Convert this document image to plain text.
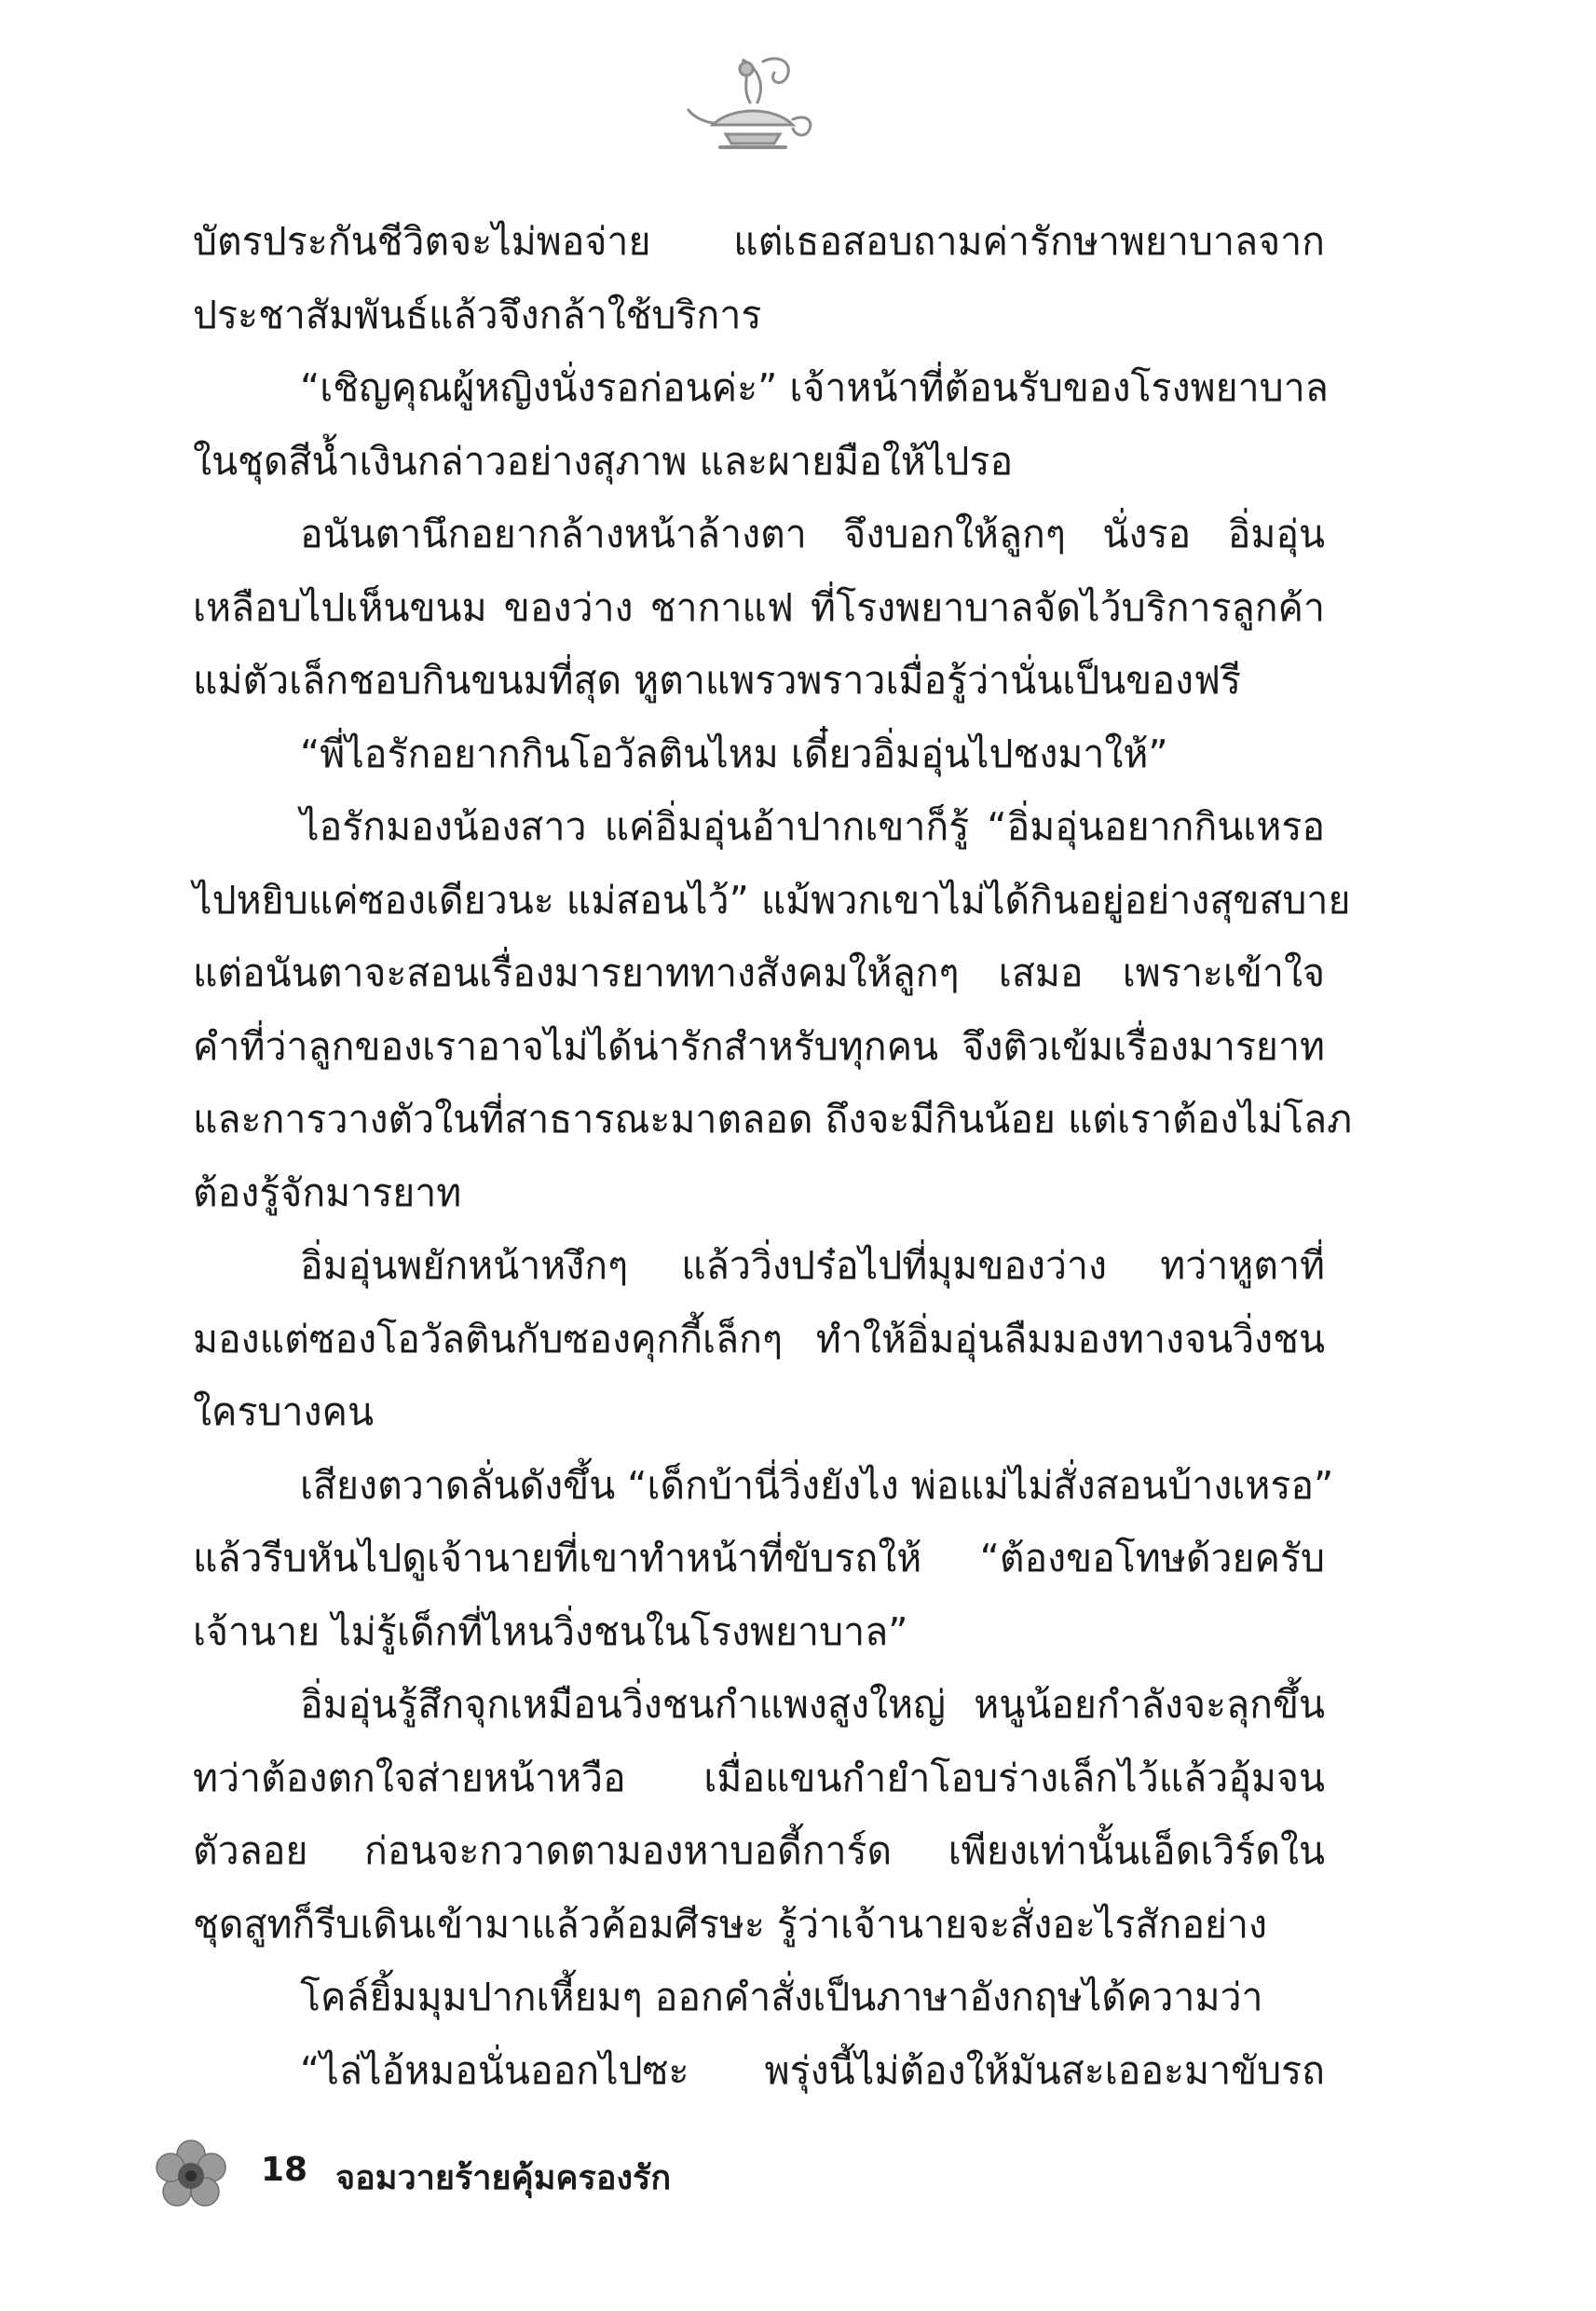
บัตรประกันชีวิตจะไม่พอจ่าย แต่เธอสอบถามค่ารักษาพยาบาลจาก
ประชาสัมพันธ์แล้วจึงกล้าใช้บริการ
“เชิญคุณผู้หญิงนั่งรอก่อนค่ะ” เจ้าหน้าที่ต้อนรับของโรงพยาบาล
ในชุดสีน้ำเงินกล่าวอย่างสุภาพ และผายมือให้ไปรอ
อนันตานึกอยากล้างหน้าล้างตา จึงบอกให้ลูกๆ นั่งรอ อิ่มอุ่น
เหลือบไปเห็นขนม ของว่าง ชากาแฟ ที่โรงพยาบาลจัดไว้บริการลูกค้า
แม่ตัวเล็กชอบกินขนมที่สุด หูตาแพรวพราวเมื่อรู้ว่านั่นเป็นของฟรี
“พี่ไอรักอยากกินโอวัลตินไหม เดี๋ยวอิ่มอุ่นไปชงมาให้”
ไอรักมองน้องสาว แค่อิ่มอุ่นอ้าปากเขาก็รู้ “อิ่มอุ่นอยากกินเหรอ
ไปหยิบแค่ซองเดียวนะ แม่สอนไว้” แม้พวกเขาไม่ได้กินอยู่อย่างสุขสบาย
แต่อนันตาจะสอนเรื่องมารยาททางสังคมให้ลูกๆ เสมอ เพราะเข้าใจ
คำที่ว่าลูกของเราอาจไม่ได้น่ารักสำหรับทุกคน จึงติวเข้มเรื่องมารยาท
และการวางตัวในที่สาธารณะมาตลอด ถึงจะมีกินน้อย แต่เราต้องไม่โลภ
ต้องรู้จักมารยาท
อิ่มอุ่นพยักหน้าหงึกๆ แล้ววิ่งปร๋อไปที่มุมของว่าง ทว่าหูตาที่
มองแต่ซองโอวัลตินกับซองคุกกี้เล็กๆ ทำให้อิ่มอุ่นลืมมองทางจนวิ่งชน
ใครบางคน
เสียงตวาดลั่นดังขึ้น “เด็กบ้านี่วิ่งยังไง พ่อแม่ไม่สั่งสอนบ้างเหรอ”
แล้วรีบหันไปดูเจ้านายที่เขาทำหน้าที่ขับรถให้ “ต้องขอโทษด้วยครับ
เจ้านาย ไม่รู้เด็กที่ไหนวิ่งชนในโรงพยาบาล”
อิ่มอุ่นรู้สึกจุกเหมือนวิ่งชนกำแพงสูงใหญ่ หนูน้อยกำลังจะลุกขึ้น
ทว่าต้องตกใจส่ายหน้าหวือ เมื่อแขนกำยำโอบร่างเล็กไว้แล้วอุ้มจน
ตัวลอย ก่อนจะกวาดตามองหาบอดี้การ์ด เพียงเท่านั้นเอ็ดเวิร์ดใน
ชุดสูทก็รีบเดินเข้ามาแล้วค้อมศีรษะ รู้ว่าเจ้านายจะสั่งอะไรสักอย่าง
โคล์ยิ้มมุมปากเหี้ยมๆ ออกคำสั่งเป็นภาษาอังกฤษได้ความว่า
“ไล่ไอ้หมอนั่นออกไปซะ พรุ่งนี้ไม่ต้องให้มันสะเออะมาขับรถ
18 จอมวายร้ายคุ้มครองรัก
